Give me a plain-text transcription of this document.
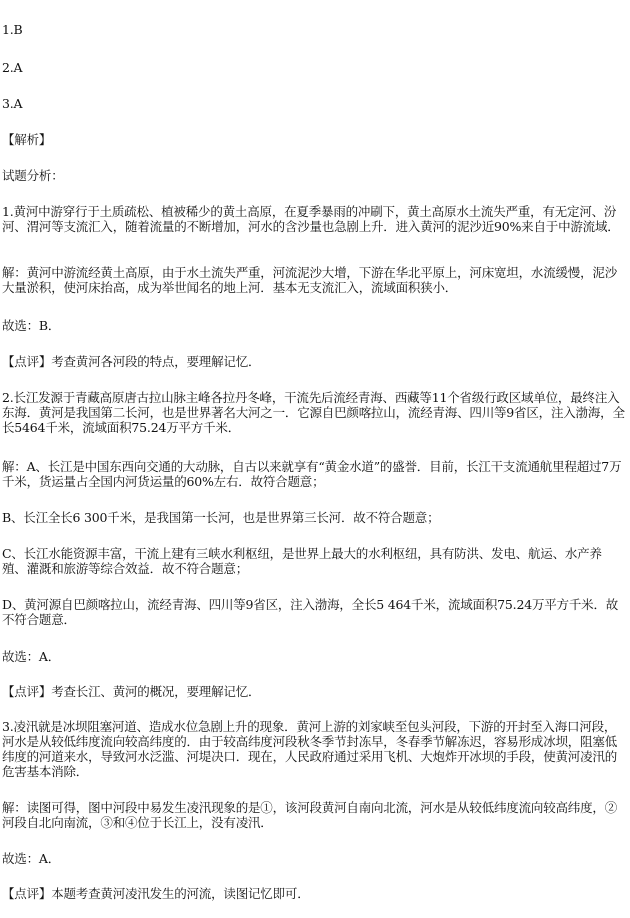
1.B
2.A
3.A
【解析】
试题分析：
1.黄河中游穿行于土质疏松、植被稀少的黄土高原，在夏季暴雨的冲刷下，黄土高原水土流失严重，有无定河、汾河、渭河等支流汇入，随着流量的不断增加，河水的含沙量也急剧上升．进入黄河的泥沙近90%来自于中游流域．
解：黄河中游流经黄土高原，由于水土流失严重，河流泥沙大增，下游在华北平原上，河床宽坦，水流缓慢，泥沙大量淤积，使河床抬高，成为举世闻名的地上河．基本无支流汇入，流域面积狭小．
故选：B．
【点评】考查黄河各河段的特点，要理解记忆．
2.长江发源于青藏高原唐古拉山脉主峰各拉丹冬峰，干流先后流经青海、西藏等11个省级行政区域单位，最终注入东海．黄河是我国第二长河，也是世界著名大河之一．它源自巴颜喀拉山，流经青海、四川等9省区，注入渤海，全长5464千米，流域面积75.24万平方千米．
解：A、长江是中国东西向交通的大动脉，自古以来就享有“黄金水道”的盛誉．目前，长江干支流通航里程超过7万千米，货运量占全国内河货运量的60%左右．故符合题意；
B、长江全长6 300千米，是我国第一长河，也是世界第三长河．故不符合题意；
C、长江水能资源丰富，干流上建有三峡水利枢纽，是世界上最大的水利枢纽，具有防洪、发电、航运、水产养殖、灌溉和旅游等综合效益．故不符合题意；
D、黄河源自巴颜喀拉山，流经青海、四川等9省区，注入渤海，全长5 464千米，流域面积75.24万平方千米．故不符合题意．
故选：A．
【点评】考查长江、黄河的概况，要理解记忆．
3.凌汛就是冰坝阻塞河道、造成水位急剧上升的现象．黄河上游的刘家峡至包头河段，下游的开封至入海口河段，河水是从较低纬度流向较高纬度的．由于较高纬度河段秋冬季节封冻早，冬春季节解冻迟，容易形成冰坝，阻塞低纬度的河道来水，导致河水泛滥、河堤决口．现在，人民政府通过采用飞机、大炮炸开冰坝的手段，使黄河凌汛的危害基本消除．
解：读图可得，图中河段中易发生凌汛现象的是①，该河段黄河自南向北流，河水是从较低纬度流向较高纬度，②河段自北向南流，③和④位于长江上，没有凌汛．
故选：A．
【点评】本题考查黄河凌汛发生的河流，读图记忆即可．
